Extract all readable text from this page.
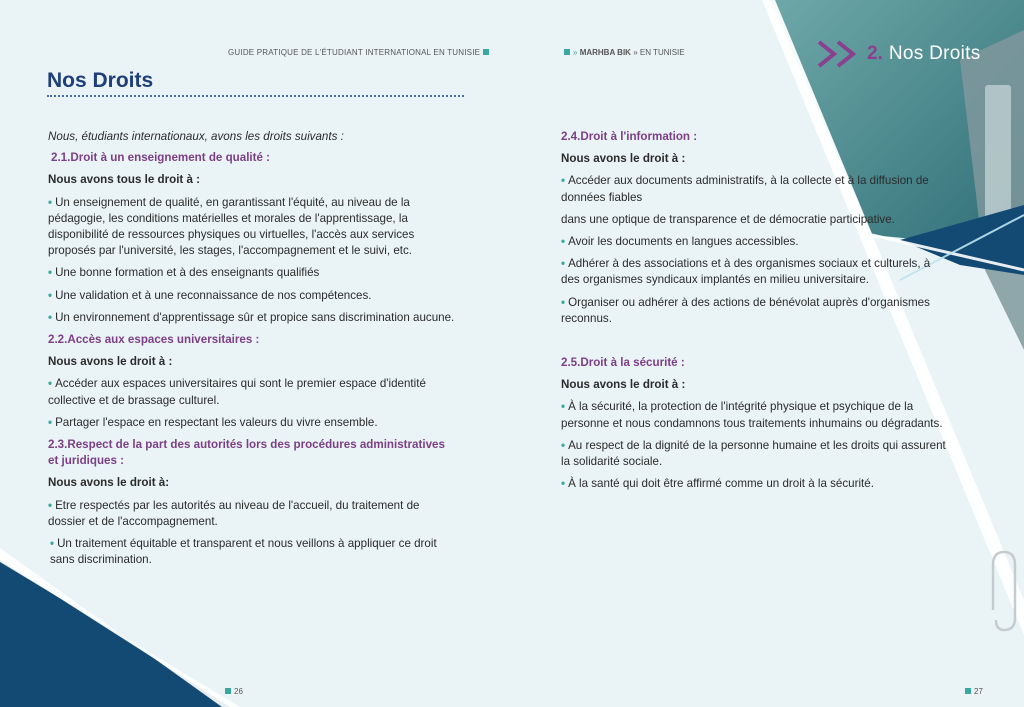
GUIDE PRATIQUE DE L'ÉTUDIANT INTERNATIONAL EN TUNISIE	» MARHBA BIK » EN TUNISIE	2. Nos Droits
Nos Droits

Nous, étudiants internationaux, avons les droits suivants :

2.1.Droit à un enseignement de qualité :

Nous avons tous le droit à :

• Un enseignement de qualité, en garantissant l'équité, au niveau de la pédagogie, les conditions matérielles et morales de l'apprentissage, la disponibilité de ressources physiques ou virtuelles, l'accès aux services proposés par l'université, les stages, l'accompagnement et le suivi, etc.

• Une bonne formation et à des enseignants qualifiés

• Une validation et à une reconnaissance de nos compétences.

• Un environnement d'apprentissage sûr et propice sans discrimination aucune.

2.2.Accès aux espaces universitaires :

Nous avons le droit à :

• Accéder aux espaces universitaires qui sont le premier espace d'identité collective et de brassage culturel.

• Partager l'espace en respectant les valeurs du vivre ensemble.

2.3.Respect de la part des autorités lors des procédures administratives et juridiques :

Nous avons le droit à:

• Etre respectés par les autorités au niveau de l'accueil, du traitement de dossier et de l'accompagnement.

• Un traitement équitable et transparent et nous veillons à appliquer ce droit sans discrimination.

2.4.Droit à l'information :

Nous avons le droit à :

• Accéder aux documents administratifs, à la collecte et à la diffusion de données fiables

dans une optique de transparence et de démocratie participative.

• Avoir les documents en langues accessibles.

• Adhérer à des associations et à des organismes sociaux et culturels, à des organismes syndicaux implantés en milieu universitaire.

• Organiser ou adhérer à des actions de bénévolat auprès d'organismes reconnus.

2.5.Droit à la sécurité :

Nous avons le droit à :

• À la sécurité, la protection de l'intégrité physique et psychique de la personne et nous condamnons tous traitements inhumains ou dégradants.

• Au respect de la dignité de la personne humaine et les droits qui assurent la solidarité sociale.

• À la santé qui doit être affirmé comme un droit à la sécurité.

26	27
